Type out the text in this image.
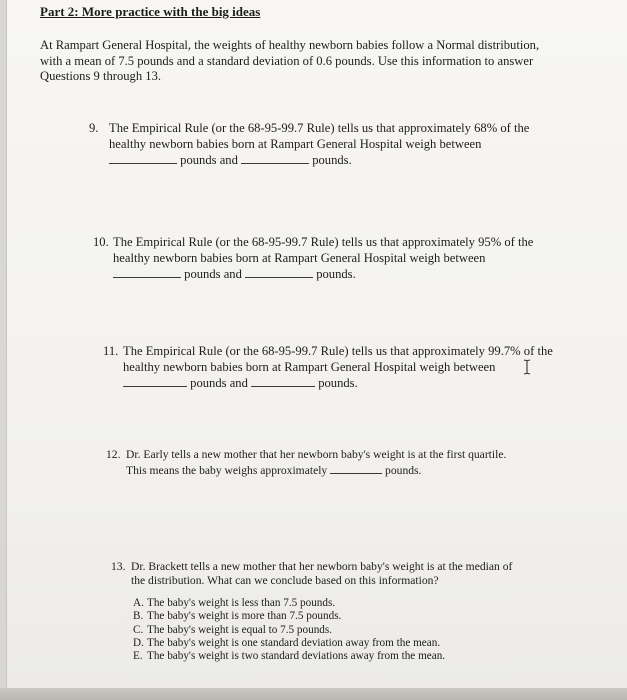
Part 2: More practice with the big ideas
At Rampart General Hospital, the weights of healthy newborn babies follow a Normal distribution, with a mean of 7.5 pounds and a standard deviation of 0.6 pounds. Use this information to answer Questions 9 through 13.
9. The Empirical Rule (or the 68-95-99.7 Rule) tells us that approximately 68% of the
healthy newborn babies born at Rampart General Hospital weigh between
pounds and	pounds.
10. The Empirical Rule (or the 68-95-99.7 Rule) tells us that approximately 95% of the
healthy newborn babies born at Rampart General Hospital weigh between
pounds and	pounds.
11. The Empirical Rule (or the 68-95-99.7 Rule) tells us that approximately 99.7% of the
healthy newborn babies born at Rampart General Hospital weigh between
pounds and	pounds.
12. Dr. Early tells a new mother that her newborn baby's weight is at the first quartile.
This means the baby weighs approximately	pounds.
13. Dr. Brackett tells a new mother that her newborn baby's weight is at the median of
the distribution. What can we conclude based on this information?
A. The baby's weight is less than 7.5 pounds.
B. The baby's weight is more than 7.5 pounds.
C. The baby's weight is equal to 7.5 pounds.
D. The baby's weight is one standard deviation away from the mean.
E. The baby's weight is two standard deviations away from the mean.
